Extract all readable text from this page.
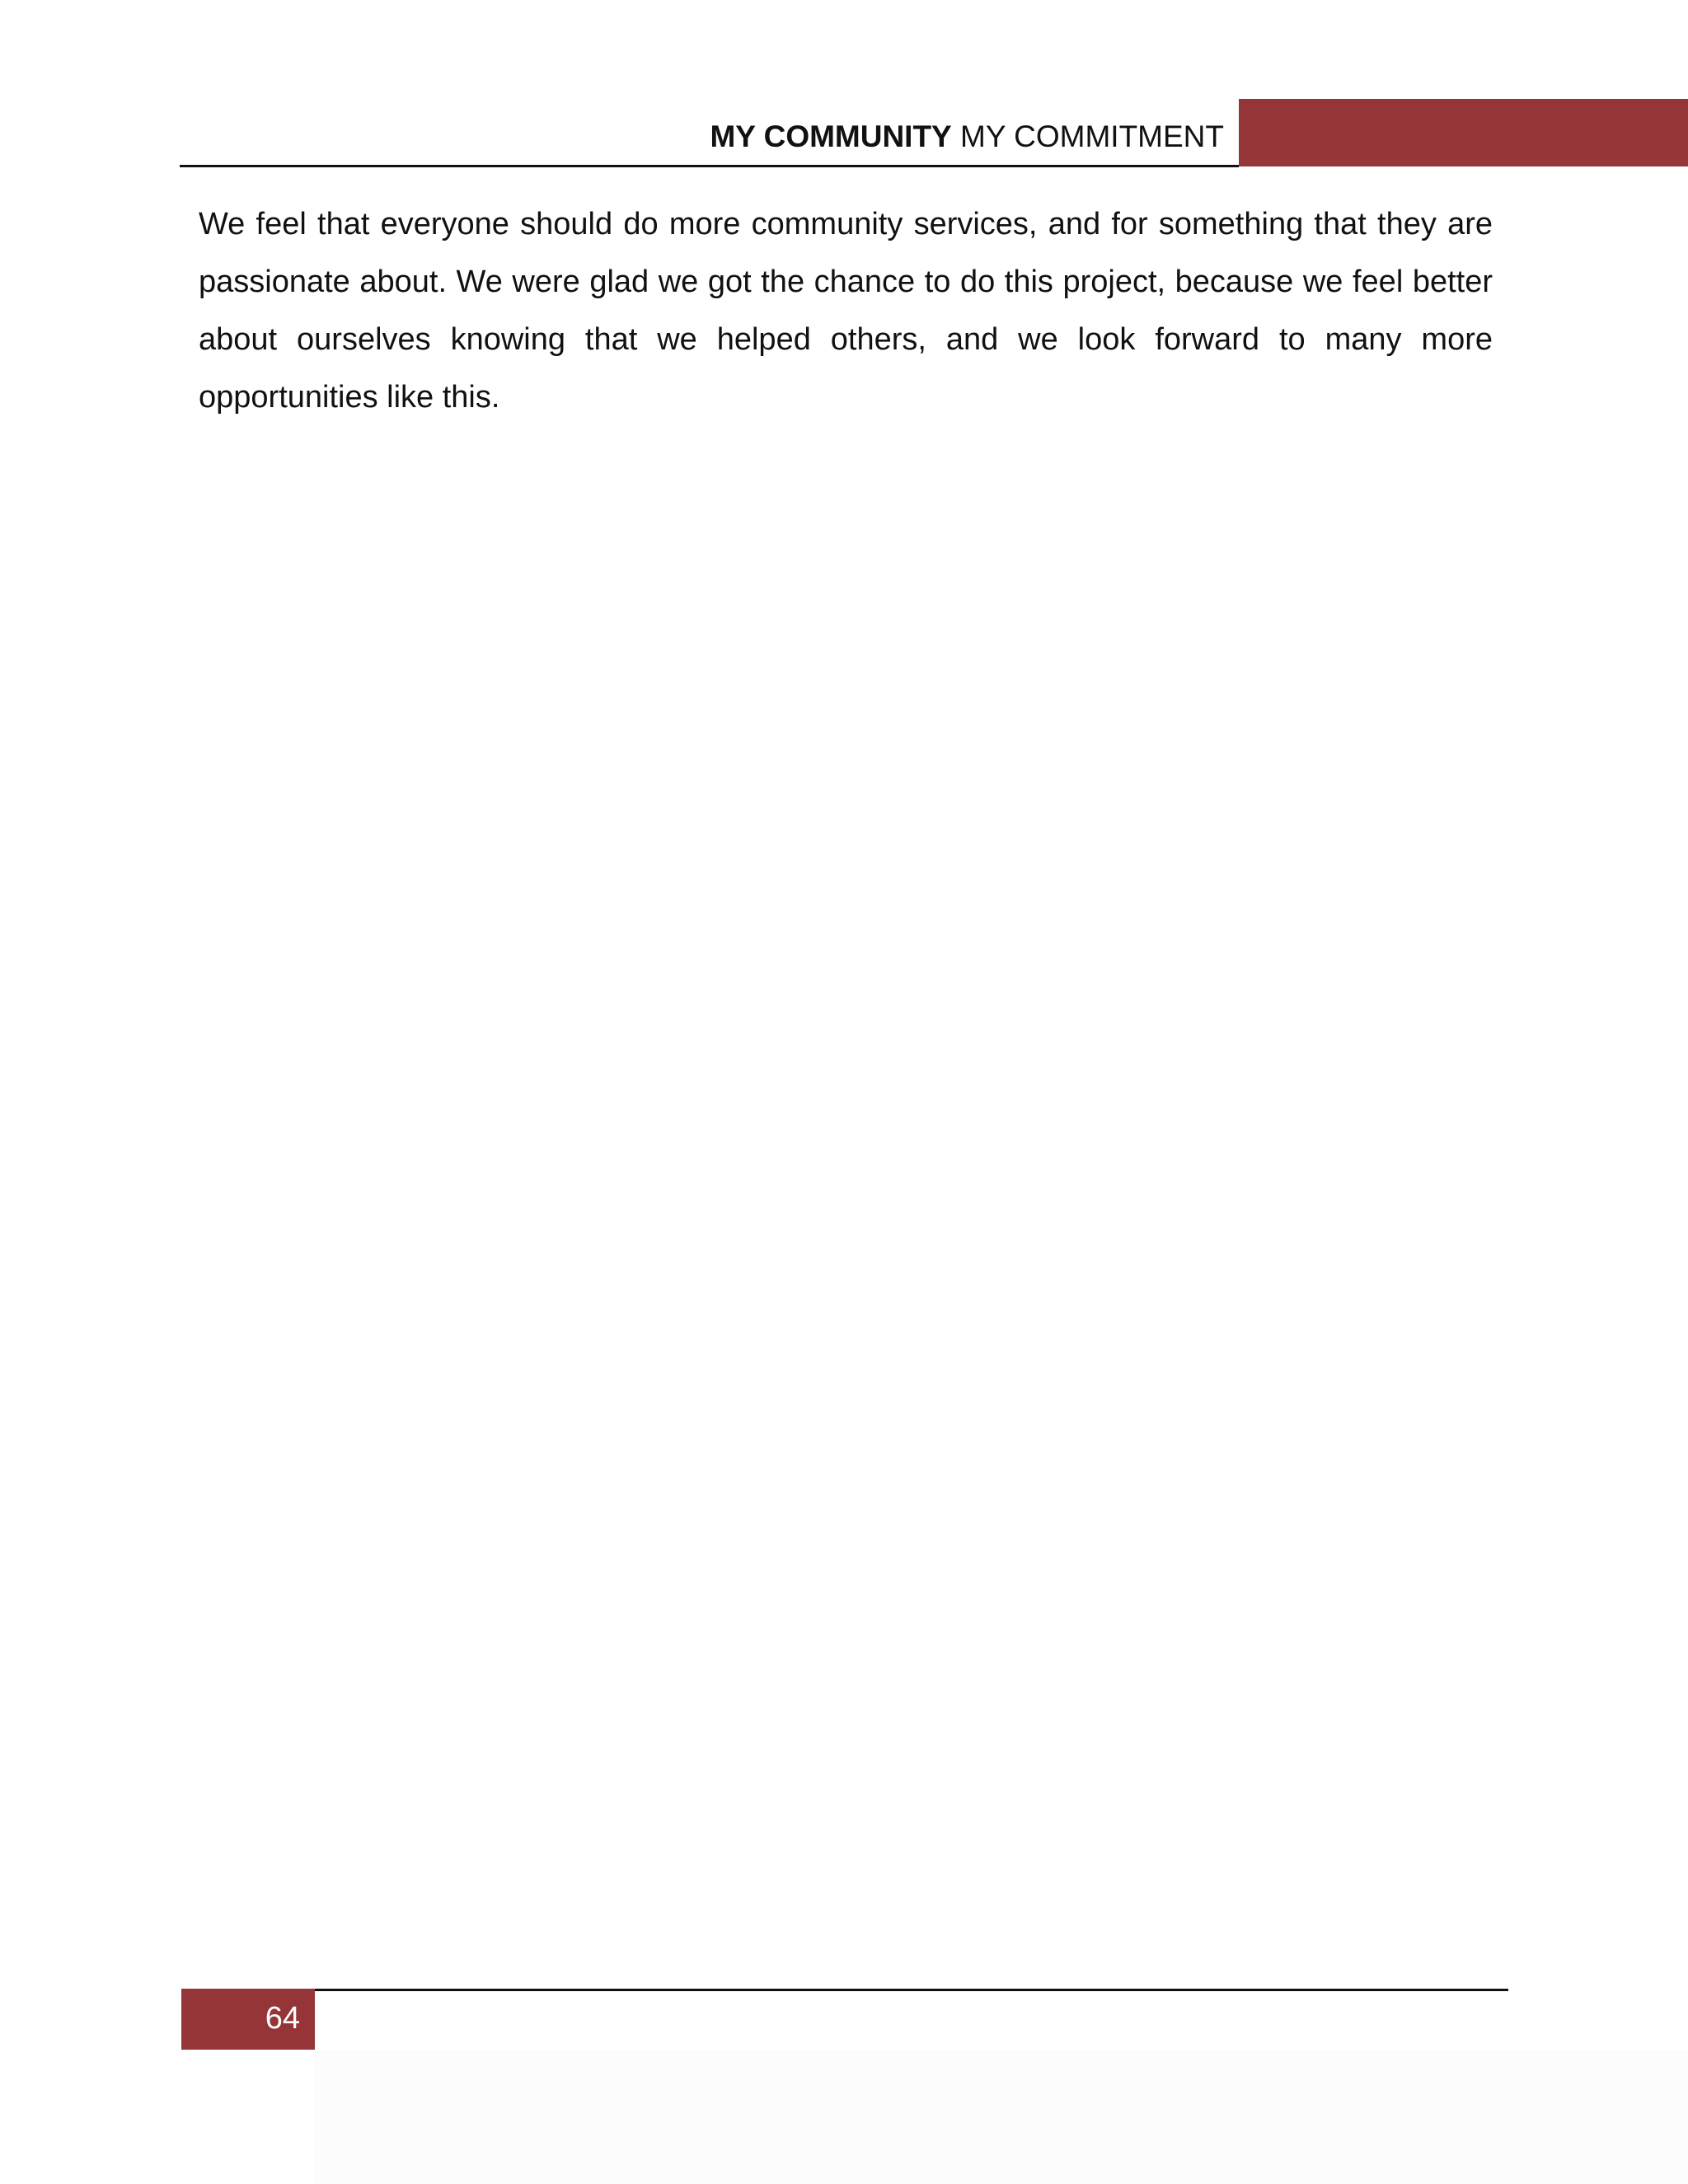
MY COMMUNITY MY COMMITMENT

We feel that everyone should do more community services, and for something that they are passionate about. We were glad we got the chance to do this project, because we feel better about ourselves knowing that we helped others, and we look forward to many more opportunities like this.

64
